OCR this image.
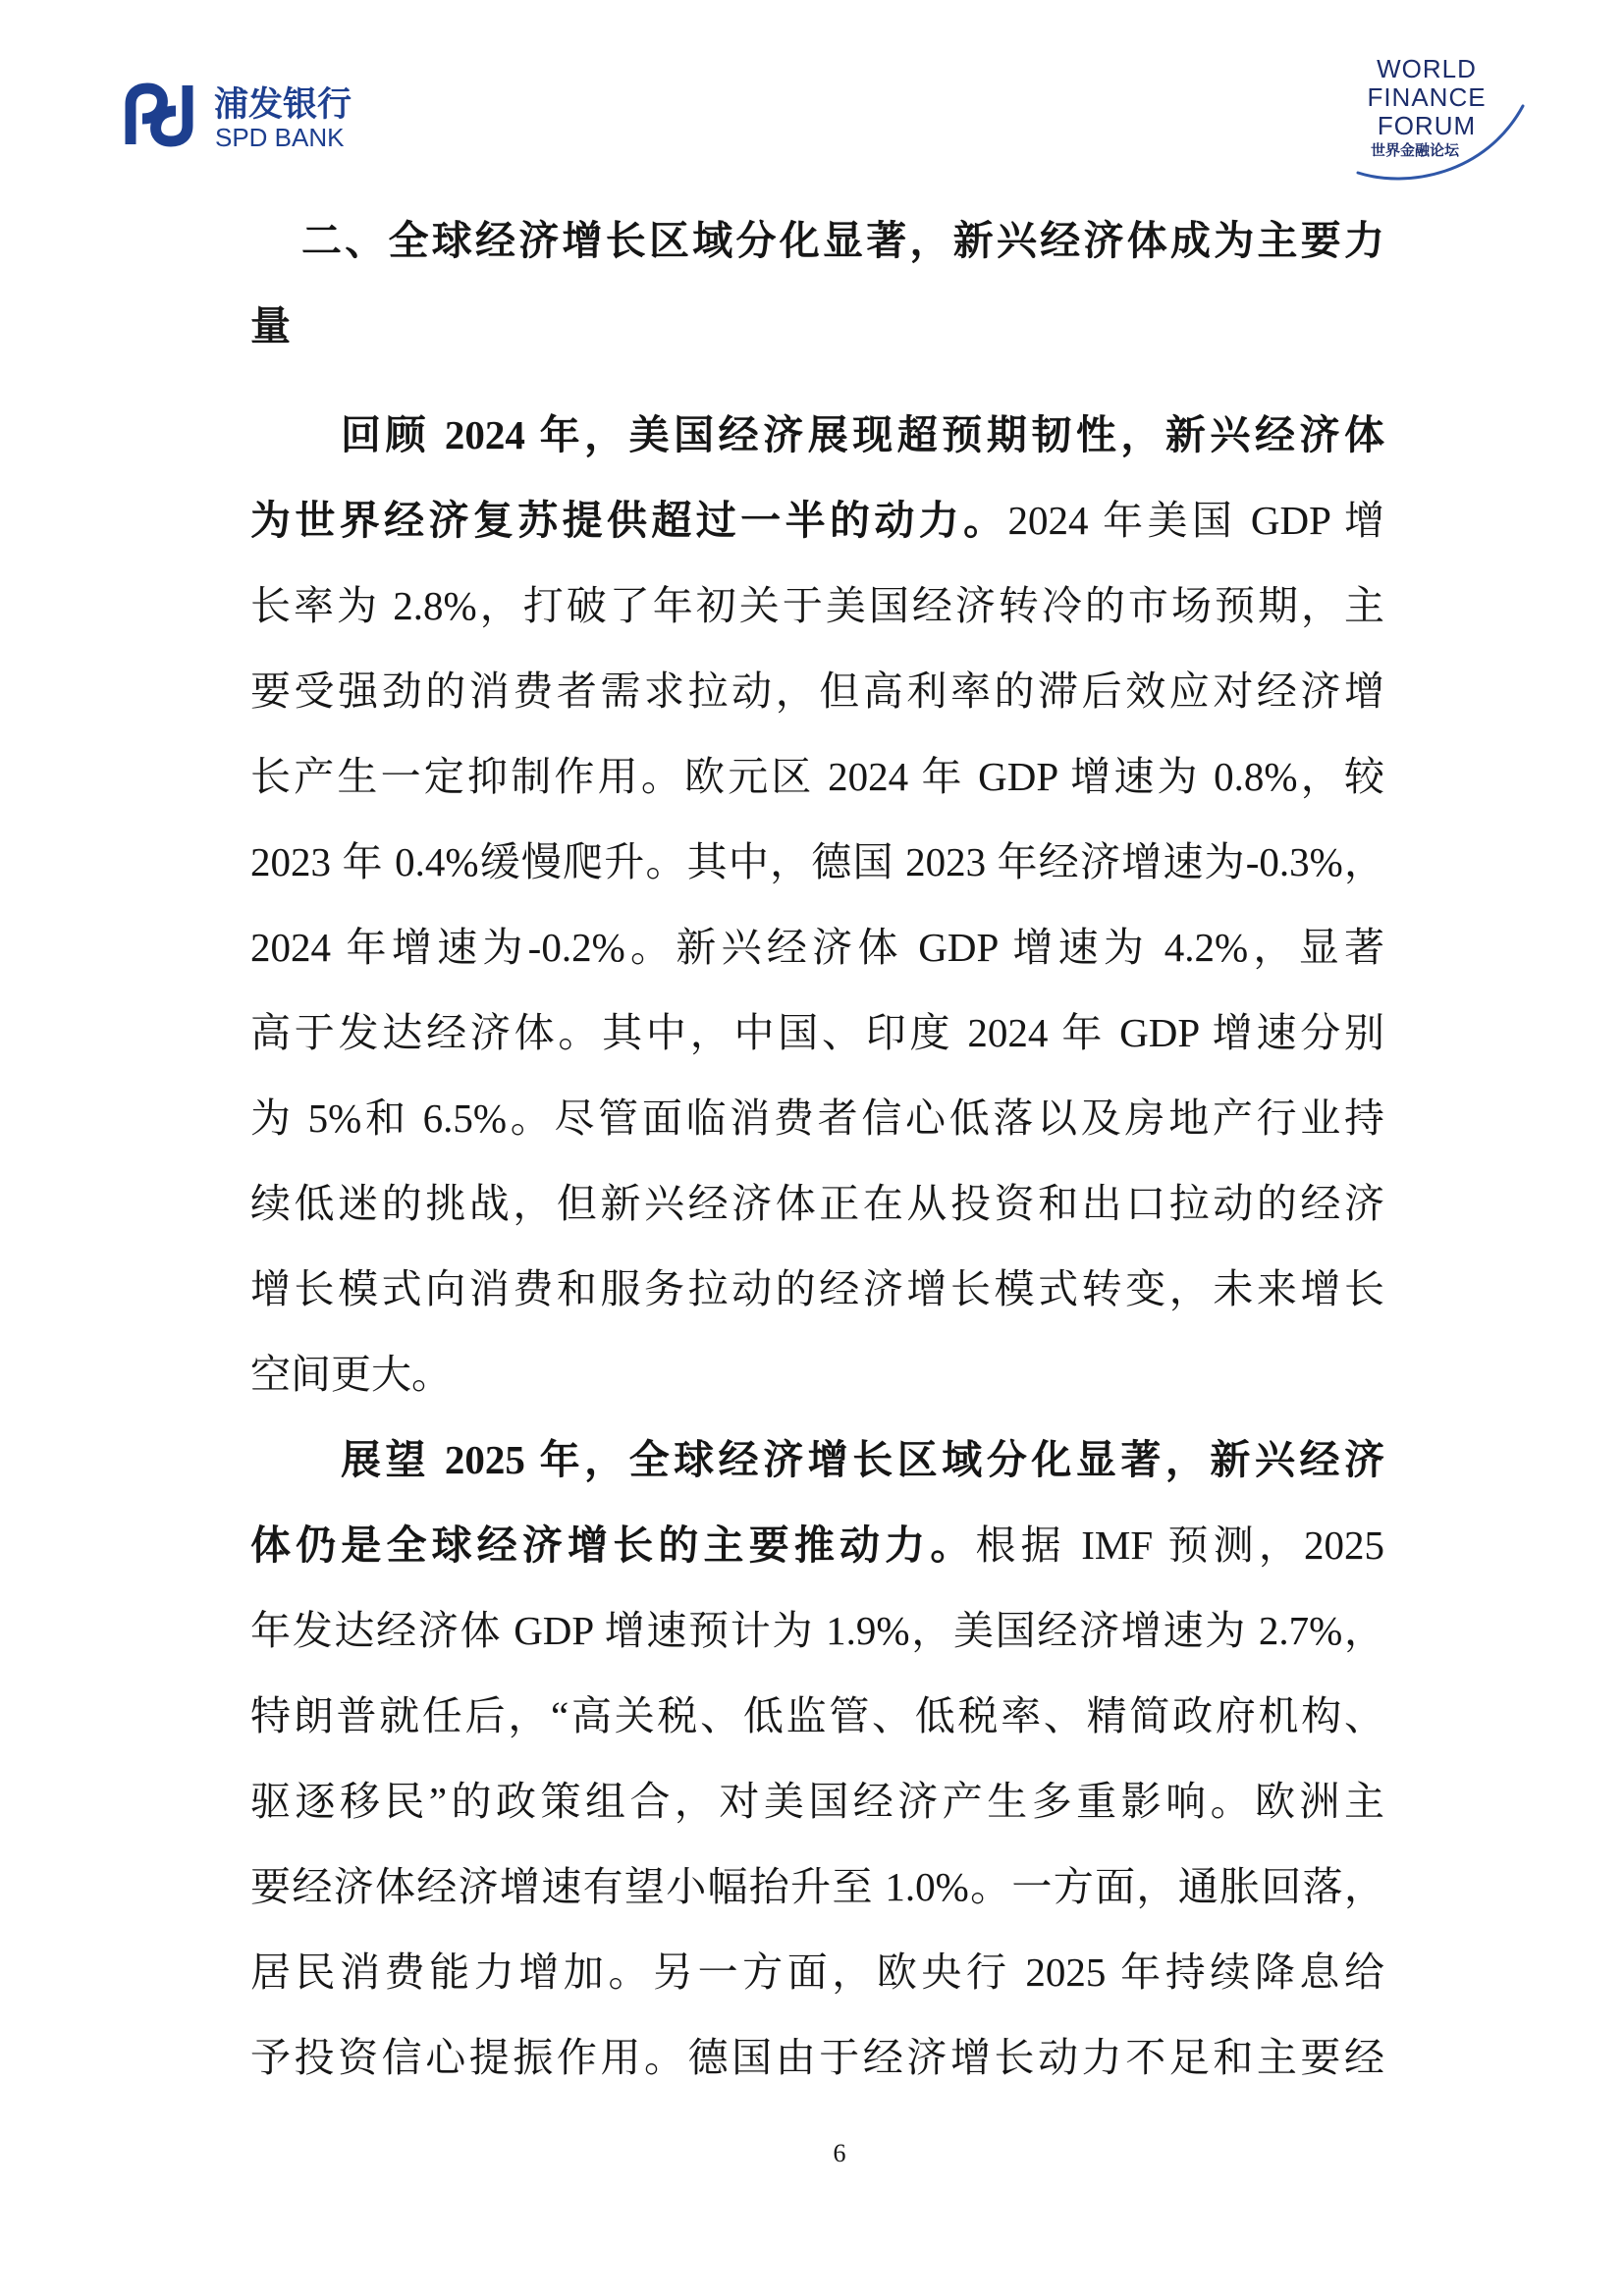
浦发银行
SPD BANK
WORLD
FINANCE
FORUM
世界金融论坛
二、全球经济增长区域分化显著，新兴经济体成为主要力
量
回顾 2024 年，美国经济展现超预期韧性，新兴经济体
为世界经济复苏提供超过一半的动力。2024 年美国 GDP 增
长率为 2.8%，打破了年初关于美国经济转冷的市场预期，主
要受强劲的消费者需求拉动，但高利率的滞后效应对经济增
长产生一定抑制作用。欧元区 2024 年 GDP 增速为 0.8%，较
2023 年 0.4%缓慢爬升。其中，德国 2023 年经济增速为-0.3%，
2024 年增速为-0.2%。新兴经济体 GDP 增速为 4.2%，显著
高于发达经济体。其中，中国、印度 2024 年 GDP 增速分别
为 5%和 6.5%。尽管面临消费者信心低落以及房地产行业持
续低迷的挑战，但新兴经济体正在从投资和出口拉动的经济
增长模式向消费和服务拉动的经济增长模式转变，未来增长
空间更大。
展望 2025 年，全球经济增长区域分化显著，新兴经济
体仍是全球经济增长的主要推动力。根据 IMF 预测，2025
年发达经济体 GDP 增速预计为 1.9%，美国经济增速为 2.7%，
特朗普就任后，“高关税、低监管、低税率、精简政府机构、
驱逐移民”的政策组合，对美国经济产生多重影响。欧洲主
要经济体经济增速有望小幅抬升至 1.0%。一方面，通胀回落，
居民消费能力增加。另一方面，欧央行 2025 年持续降息给
予投资信心提振作用。德国由于经济增长动力不足和主要经
6
